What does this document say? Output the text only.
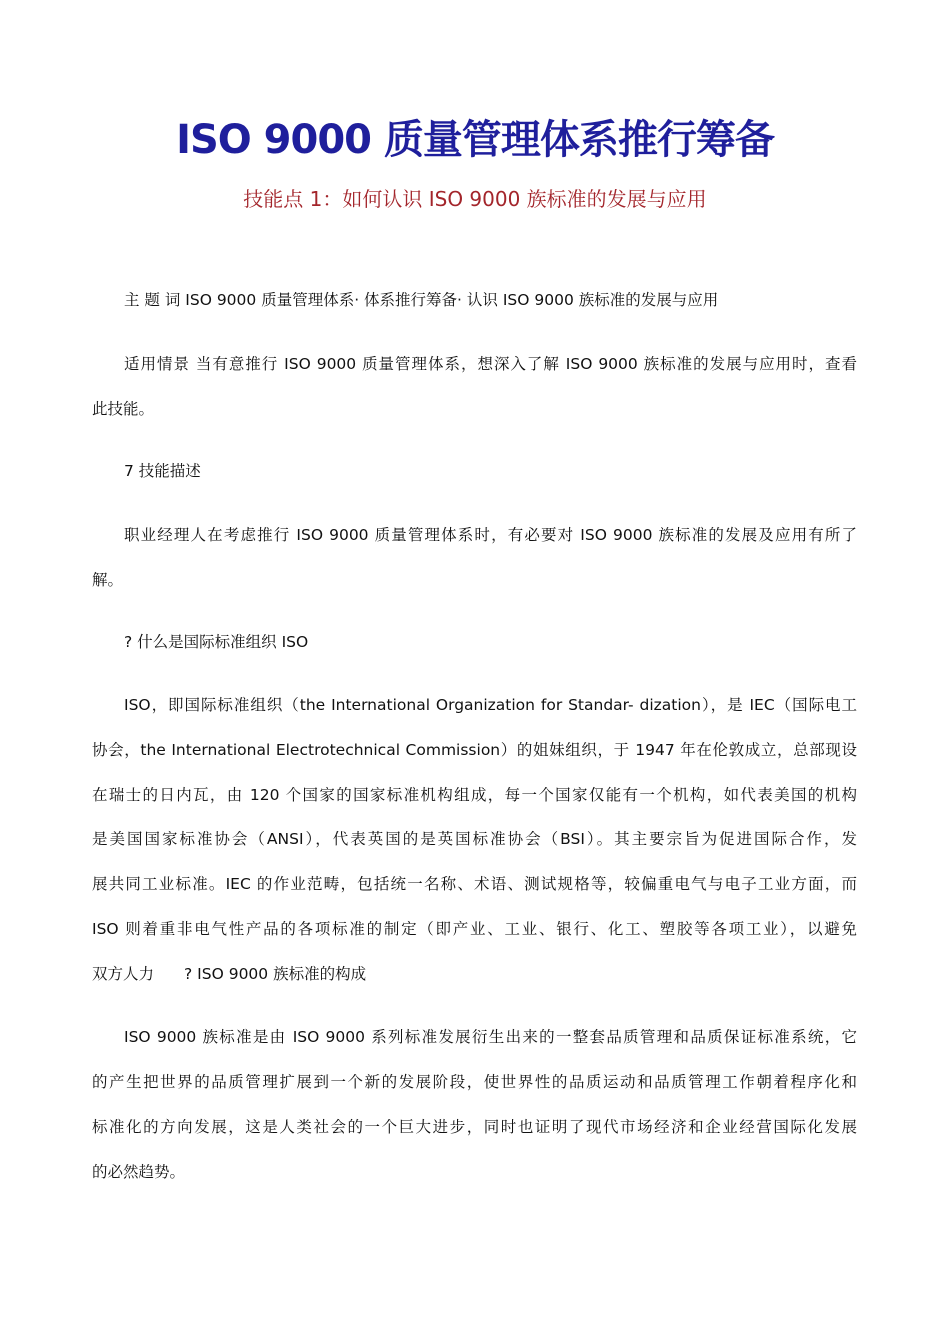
ISO 9000 质量管理体系推行筹备
技能点 1：如何认识 ISO 9000 族标准的发展与应用
主 题 词 ISO 9000 质量管理体系· 体系推行筹备· 认识 ISO 9000 族标准的发展与应用
适用情景 当有意推行 ISO 9000 质量管理体系，想深入了解 ISO 9000 族标准的发展与应用时，查看
此技能。
7 技能描述
职业经理人在考虑推行 ISO 9000 质量管理体系时，有必要对 ISO 9000 族标准的发展及应用有所了
解。
? 什么是国际标准组织 ISO
ISO，即国际标准组织（the International Organization for Standar- dization），是 IEC（国际电工
协会，the International Electrotechnical Commission）的姐妹组织，于 1947 年在伦敦成立，总部现设
在瑞士的日内瓦，由 120 个国家的国家标准机构组成，每一个国家仅能有一个机构，如代表美国的机构
是美国国家标准协会（ANSI），代表英国的是英国标准协会（BSI）。其主要宗旨为促进国际合作，发
展共同工业标准。IEC 的作业范畴，包括统一名称、术语、测试规格等，较偏重电气与电子工业方面，而
ISO 则着重非电气性产品的各项标准的制定（即产业、工业、银行、化工、塑胶等各项工业），以避免
双方人力 ? ISO 9000 族标准的构成
ISO 9000 族标准是由 ISO 9000 系列标准发展衍生出来的一整套品质管理和品质保证标准系统，它
的产生把世界的品质管理扩展到一个新的发展阶段，使世界性的品质运动和品质管理工作朝着程序化和
标准化的方向发展，这是人类社会的一个巨大进步，同时也证明了现代市场经济和企业经营国际化发展
的必然趋势。
